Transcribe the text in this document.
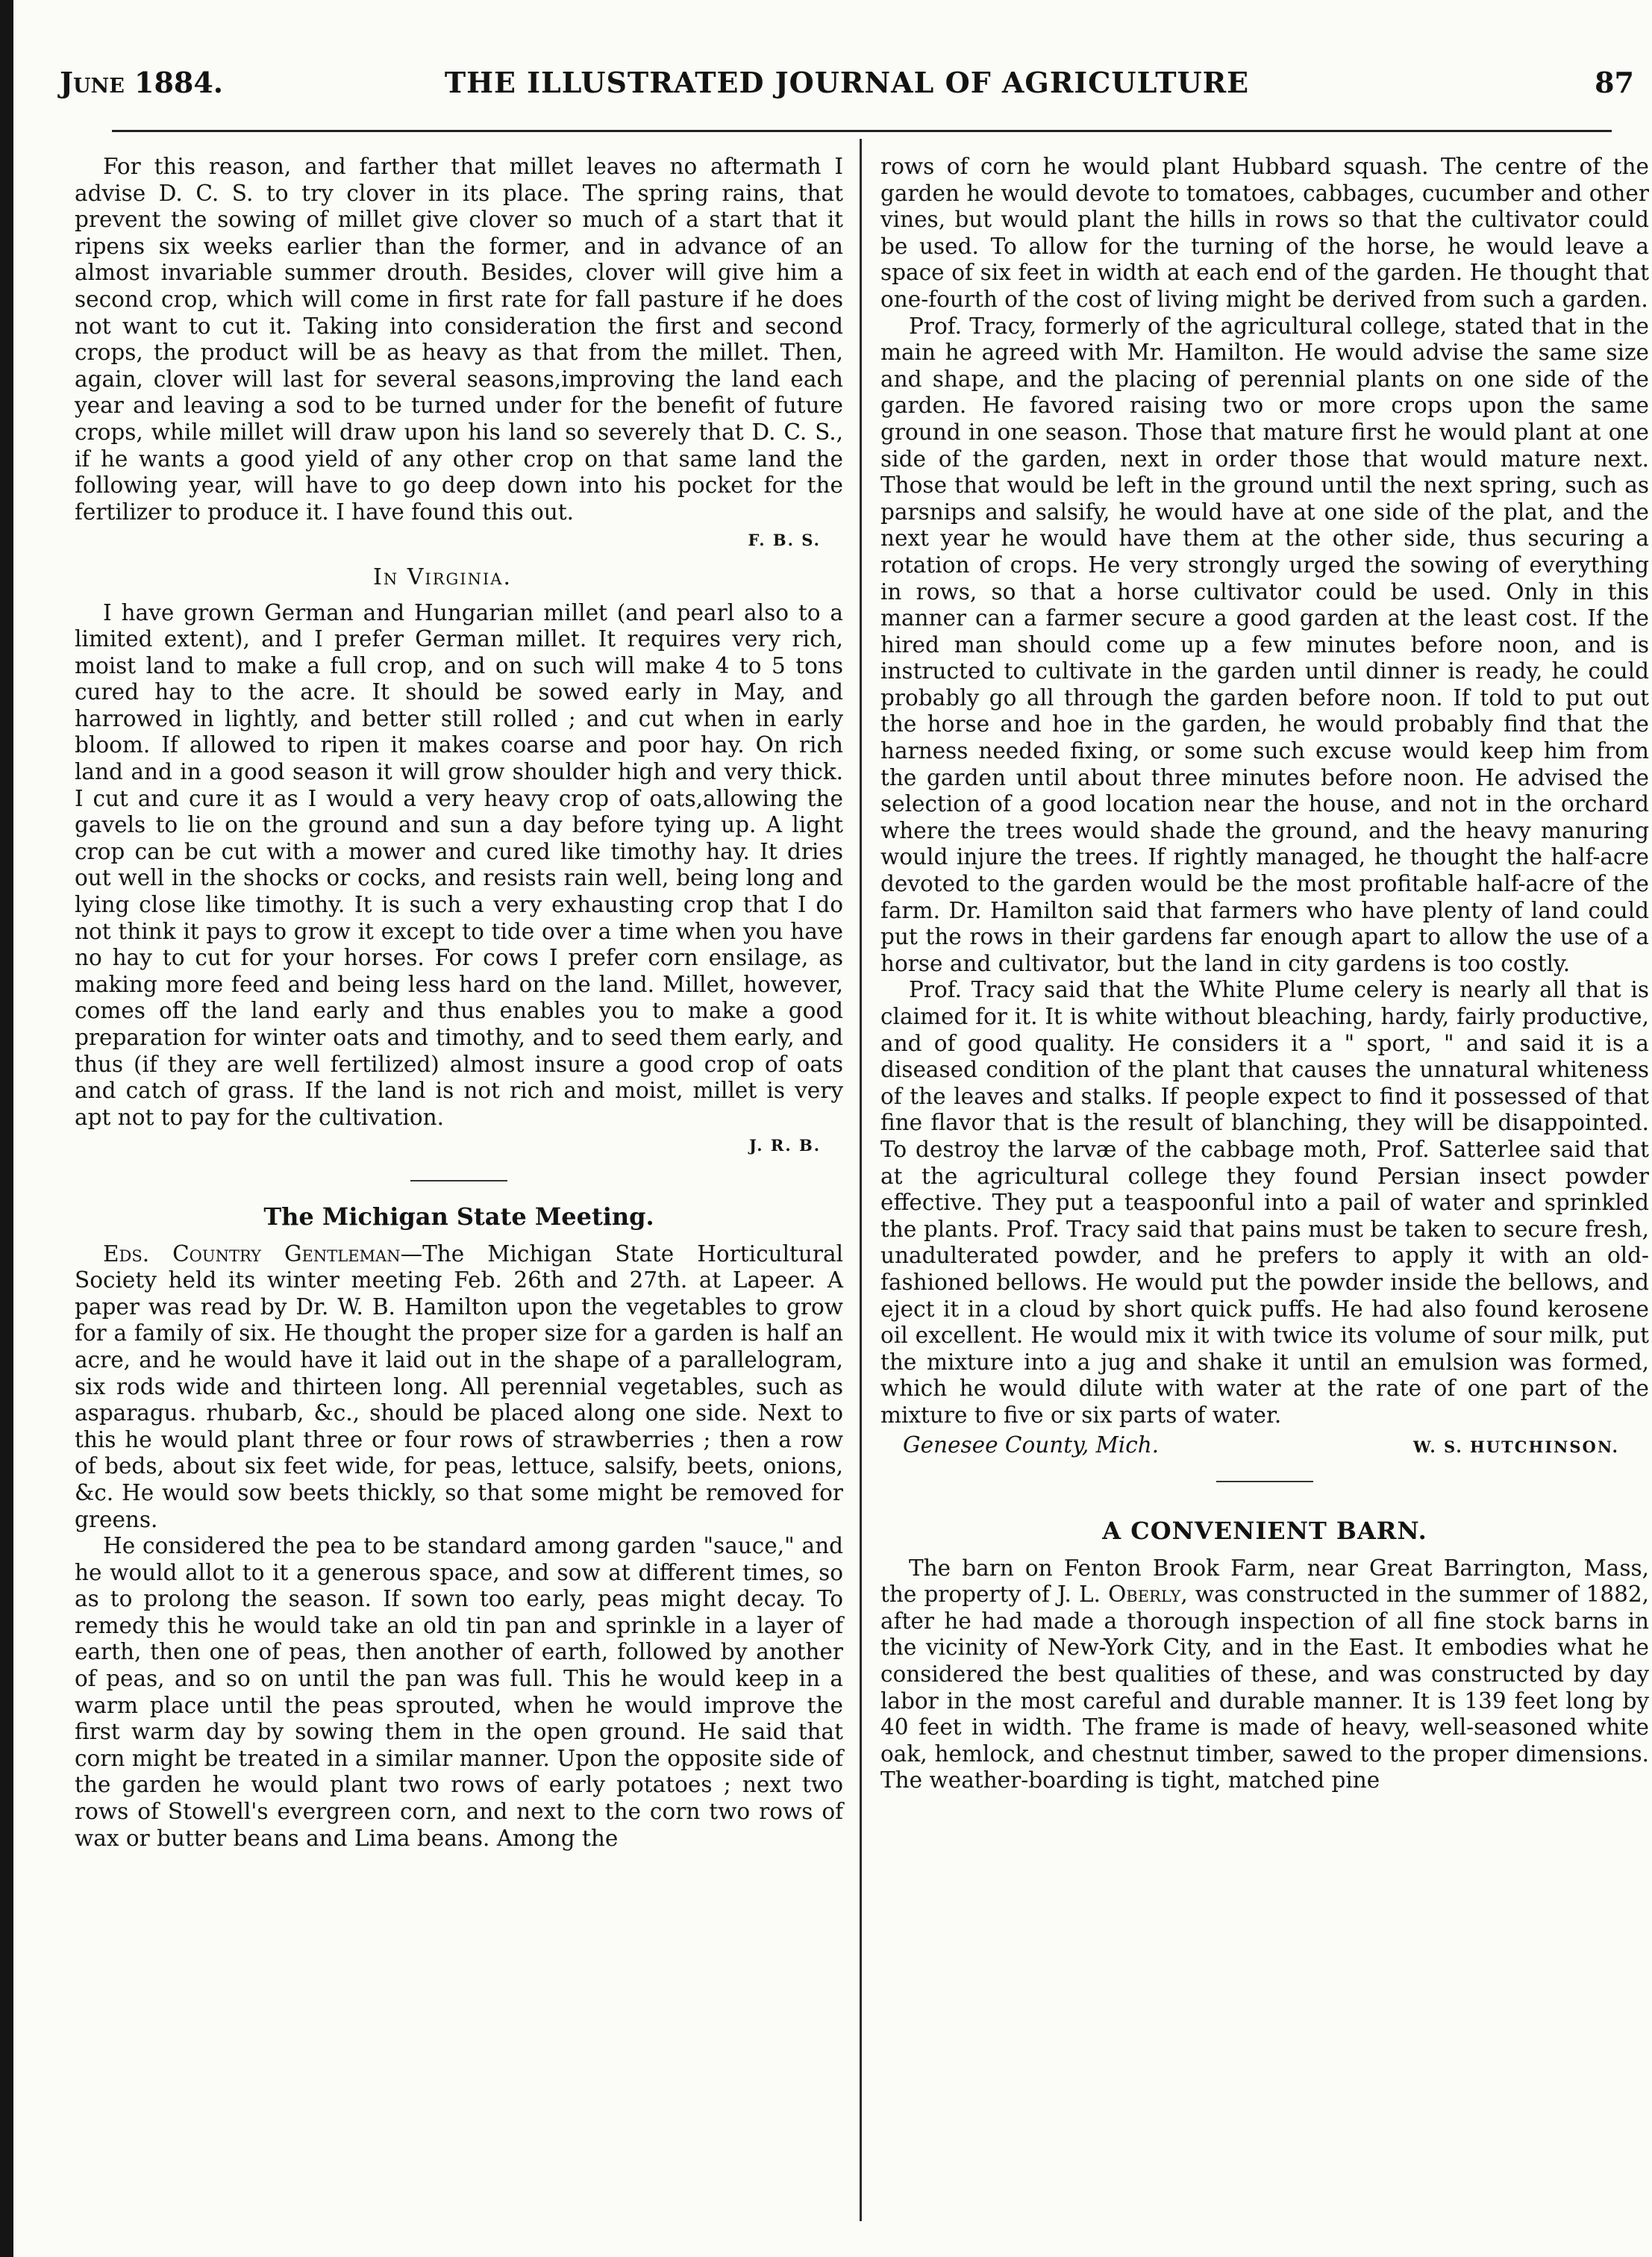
June 1884.	THE ILLUSTRATED JOURNAL OF AGRICULTURE	87

For this reason, and farther that millet leaves no aftermath I advise D. C. S. to try clover in its place. The spring rains, that prevent the sowing of millet give clover so much of a start that it ripens six weeks earlier than the former, and in advance of an almost invariable summer drouth. Besides, clover will give him a second crop, which will come in first rate for fall pasture if he does not want to cut it. Taking into consideration the first and second crops, the product will be as heavy as that from the millet. Then, again, clover will last for several seasons,improving the land each year and leaving a sod to be turned under for the benefit of future crops, while millet will draw upon his land so severely that D. C. S., if he wants a good yield of any other crop on that same land the following year, will have to go deep down into his pocket for the fertilizer to produce it. I have found this out.

F. B. S.
In Virginia.

I have grown German and Hungarian millet (and pearl also to a limited extent), and I prefer German millet. It requires very rich, moist land to make a full crop, and on such will make 4 to 5 tons cured hay to the acre. It should be sowed early in May, and harrowed in lightly, and better still rolled ; and cut when in early bloom. If allowed to ripen it makes coarse and poor hay. On rich land and in a good season it will grow shoulder high and very thick. I cut and cure it as I would a very heavy crop of oats,allowing the gavels to lie on the ground and sun a day before tying up. A light crop can be cut with a mower and cured like timothy hay. It dries out well in the shocks or cocks, and resists rain well, being long and lying close like timothy. It is such a very exhausting crop that I do not think it pays to grow it except to tide over a time when you have no hay to cut for your horses. For cows I prefer corn ensilage, as making more feed and being less hard on the land. Millet, however, comes off the land early and thus enables you to make a good preparation for winter oats and timothy, and to seed them early, and thus (if they are well fertilized) almost insure a good crop of oats and catch of grass. If the land is not rich and moist, millet is very apt not to pay for the cultivation.

J. R. B.
The Michigan State Meeting.

Eds. Country Gentleman—The Michigan State Horticultural Society held its winter meeting Feb. 26th and 27th. at Lapeer. A paper was read by Dr. W. B. Hamilton upon the vegetables to grow for a family of six. He thought the proper size for a garden is half an acre, and he would have it laid out in the shape of a parallelogram, six rods wide and thirteen long. All perennial vegetables, such as asparagus. rhubarb, &c., should be placed along one side. Next to this he would plant three or four rows of strawberries ; then a row of beds, about six feet wide, for peas, lettuce, salsify, beets, onions, &c. He would sow beets thickly, so that some might be removed for greens.

He considered the pea to be standard among garden "sauce," and he would allot to it a generous space, and sow at different times, so as to prolong the season. If sown too early, peas might decay. To remedy this he would take an old tin pan and sprinkle in a layer of earth, then one of peas, then another of earth, followed by another of peas, and so on until the pan was full. This he would keep in a warm place until the peas sprouted, when he would improve the first warm day by sowing them in the open ground. He said that corn might be treated in a similar manner. Upon the opposite side of the garden he would plant two rows of early potatoes ; next two rows of Stowell's evergreen corn, and next to the corn two rows of wax or butter beans and Lima beans. Among the

rows of corn he would plant Hubbard squash. The centre of the garden he would devote to tomatoes, cabbages, cucumber and other vines, but would plant the hills in rows so that the cultivator could be used. To allow for the turning of the horse, he would leave a space of six feet in width at each end of the garden. He thought that one-fourth of the cost of living might be derived from such a garden.

Prof. Tracy, formerly of the agricultural college, stated that in the main he agreed with Mr. Hamilton. He would advise the same size and shape, and the placing of perennial plants on one side of the garden. He favored raising two or more crops upon the same ground in one season. Those that mature first he would plant at one side of the garden, next in order those that would mature next. Those that would be left in the ground until the next spring, such as parsnips and salsify, he would have at one side of the plat, and the next year he would have them at the other side, thus securing a rotation of crops. He very strongly urged the sowing of everything in rows, so that a horse cultivator could be used. Only in this manner can a farmer secure a good garden at the least cost. If the hired man should come up a few minutes before noon, and is instructed to cultivate in the garden until dinner is ready, he could probably go all through the garden before noon. If told to put out the horse and hoe in the garden, he would probably find that the harness needed fixing, or some such excuse would keep him from the garden until about three minutes before noon. He advised the selection of a good location near the house, and not in the orchard where the trees would shade the ground, and the heavy manuring would injure the trees. If rightly managed, he thought the half-acre devoted to the garden would be the most profitable half-acre of the farm. Dr. Hamilton said that farmers who have plenty of land could put the rows in their gardens far enough apart to allow the use of a horse and cultivator, but the land in city gardens is too costly.

Prof. Tracy said that the White Plume celery is nearly all that is claimed for it. It is white without bleaching, hardy, fairly productive, and of good quality. He considers it a " sport, " and said it is a diseased condition of the plant that causes the unnatural whiteness of the leaves and stalks. If people expect to find it possessed of that fine flavor that is the result of blanching, they will be disappointed. To destroy the larvæ of the cabbage moth, Prof. Satterlee said that at the agricultural college they found Persian insect powder effective. They put a teaspoonful into a pail of water and sprinkled the plants. Prof. Tracy said that pains must be taken to secure fresh, unadulterated powder, and he prefers to apply it with an old-fashioned bellows. He would put the powder inside the bellows, and eject it in a cloud by short quick puffs. He had also found kerosene oil excellent. He would mix it with twice its volume of sour milk, put the mixture into a jug and shake it until an emulsion was formed, which he would dilute with water at the rate of one part of the mixture to five or six parts of water.

Genesee County, Mich.	W. S. HUTCHINSON.
A CONVENIENT BARN.

The barn on Fenton Brook Farm, near Great Barrington, Mass, the property of J. L. Oberly, was constructed in the summer of 1882, after he had made a thorough inspection of all fine stock barns in the vicinity of New-York City, and in the East. It embodies what he considered the best qualities of these, and was constructed by day labor in the most careful and durable manner. It is 139 feet long by 40 feet in width. The frame is made of heavy, well-seasoned white oak, hemlock, and chestnut timber, sawed to the proper dimensions. The weather-boarding is tight, matched pine
